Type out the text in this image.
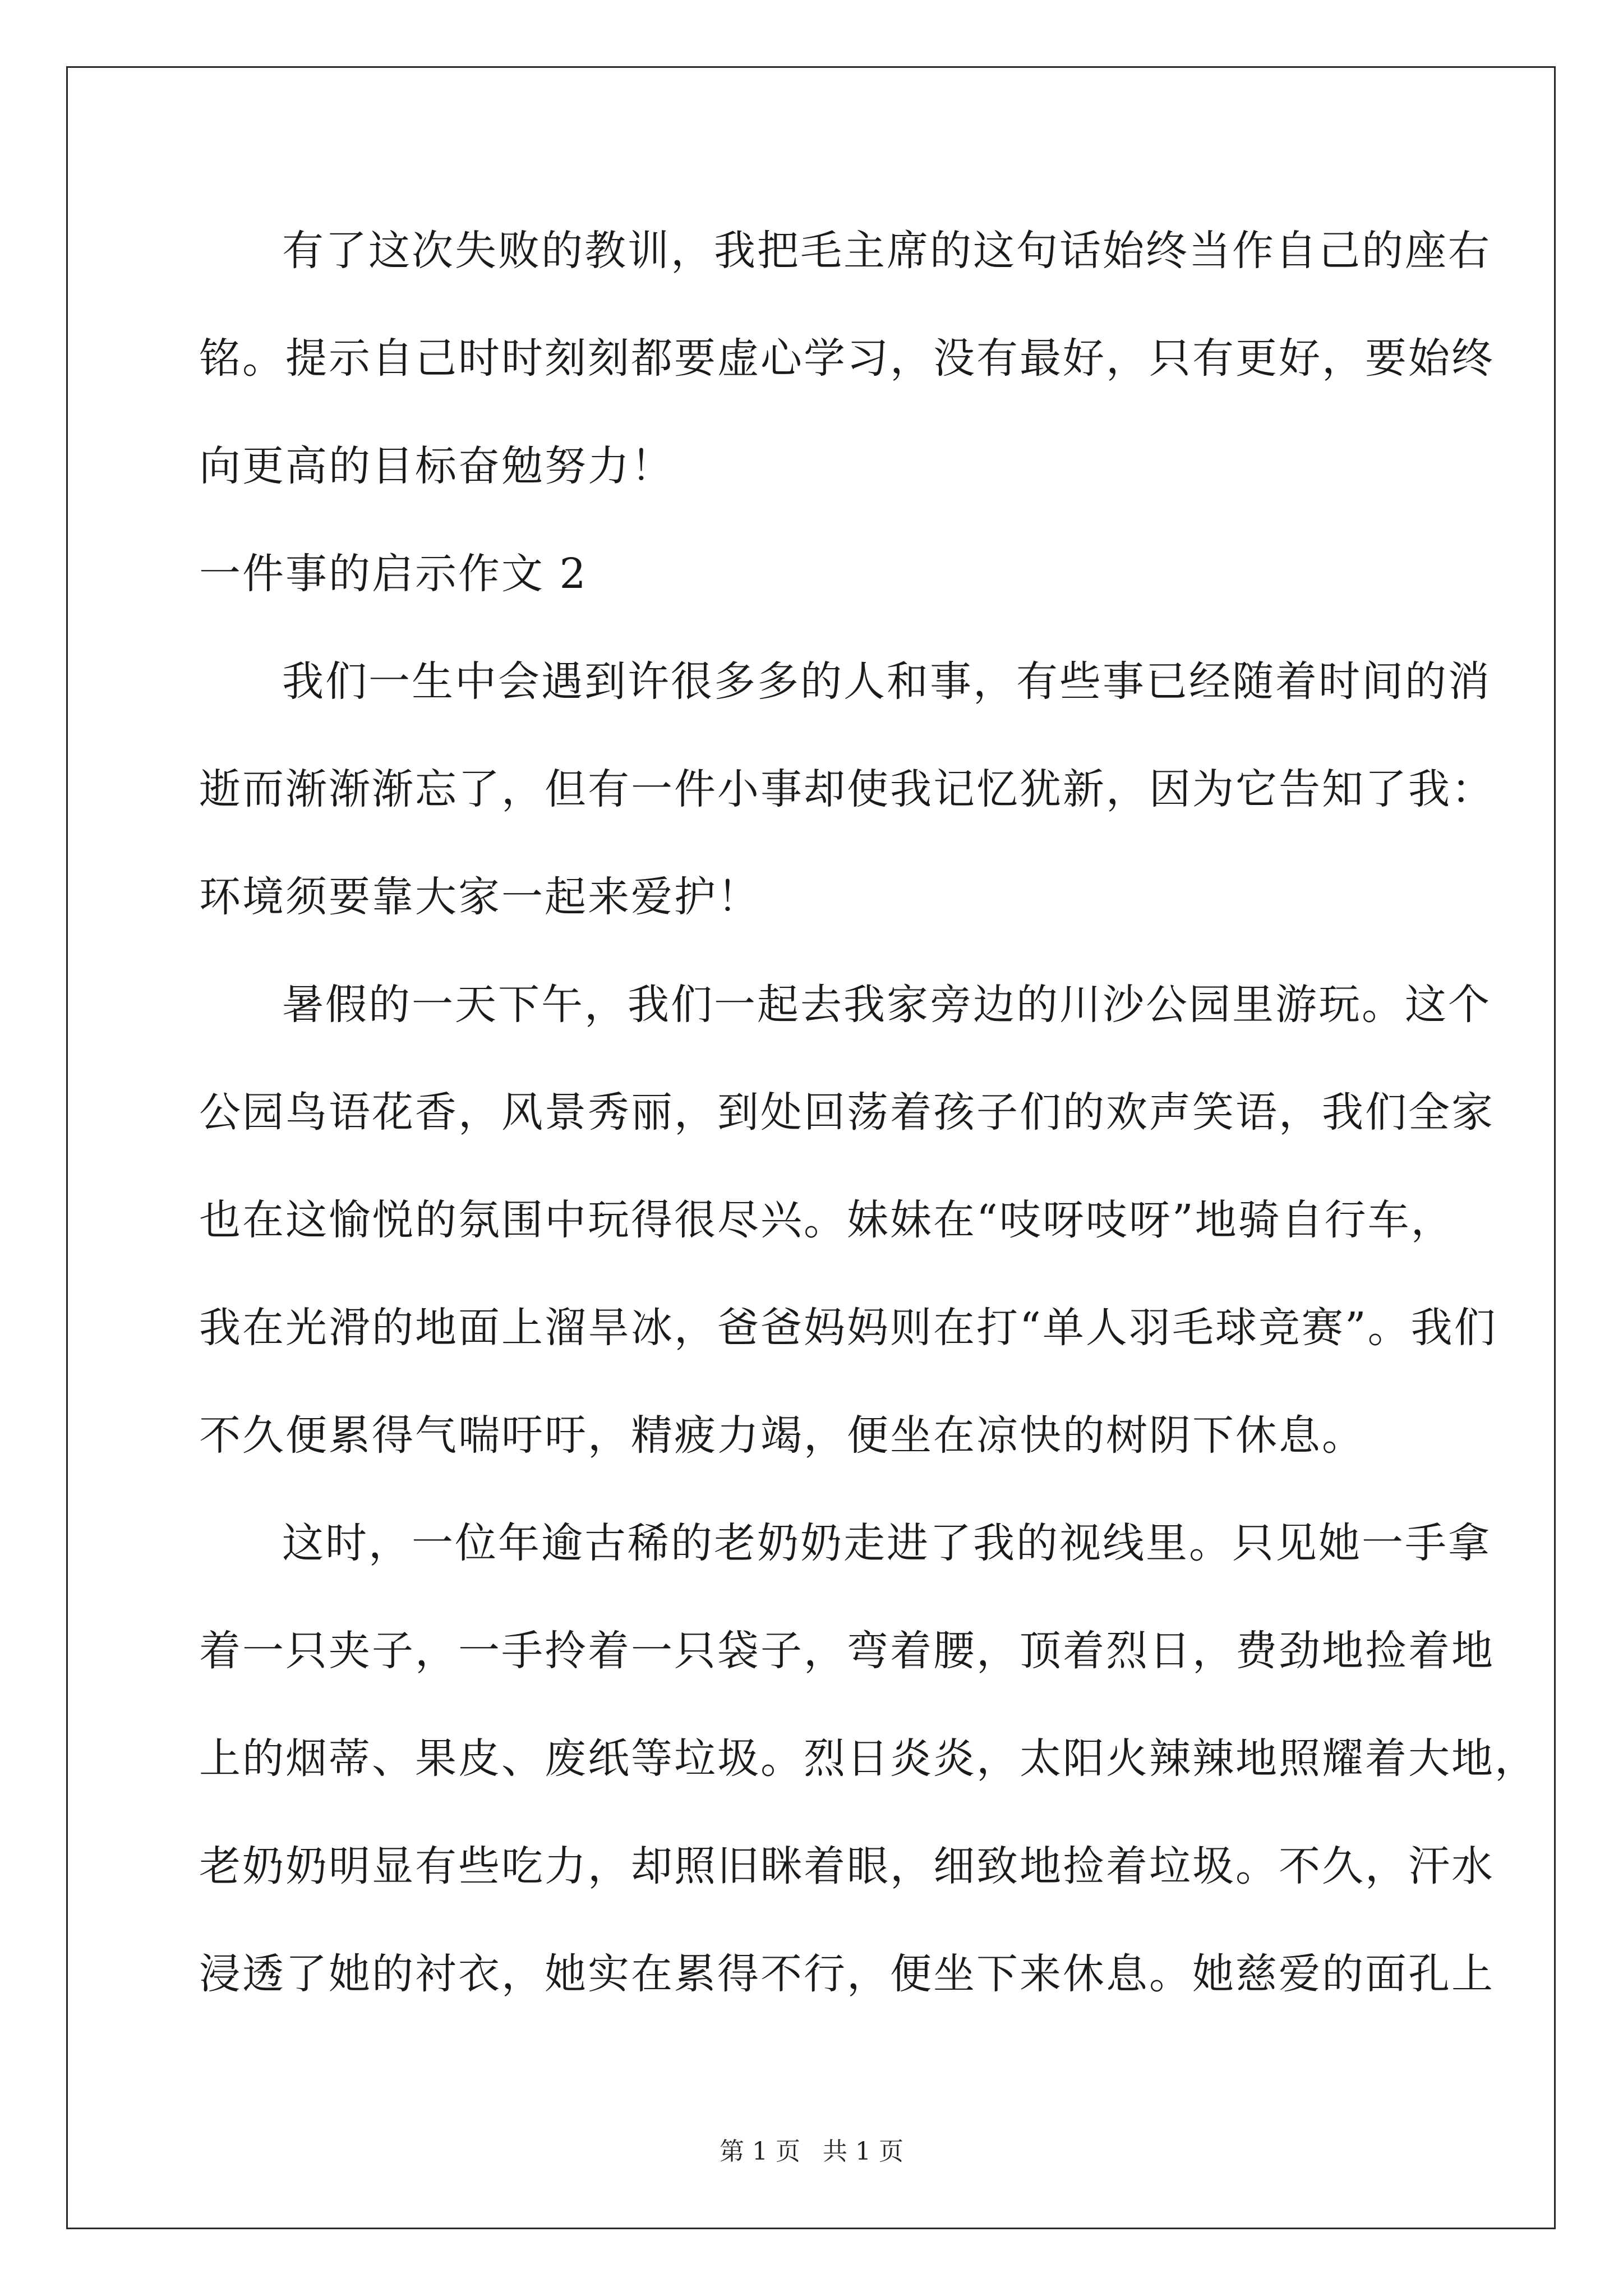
有了这次失败的教训，我把毛主席的这句话始终当作自己的座右
铭。提示自己时时刻刻都要虚心学习，没有最好，只有更好，要始终
向更高的目标奋勉努力！
一件事的启示作文 2
我们一生中会遇到许很多多的人和事，有些事已经随着时间的消
逝而渐渐渐忘了，但有一件小事却使我记忆犹新，因为它告知了我：
环境须要靠大家一起来爱护！
暑假的一天下午，我们一起去我家旁边的川沙公园里游玩。这个
公园鸟语花香，风景秀丽，到处回荡着孩子们的欢声笑语，我们全家
也在这愉悦的氛围中玩得很尽兴。妹妹在“吱呀吱呀”地骑自行车，
我在光滑的地面上溜旱冰，爸爸妈妈则在打“单人羽毛球竞赛”。我们
不久便累得气喘吁吁，精疲力竭，便坐在凉快的树阴下休息。
这时，一位年逾古稀的老奶奶走进了我的视线里。只见她一手拿
着一只夹子，一手拎着一只袋子，弯着腰，顶着烈日，费劲地捡着地
上的烟蒂、果皮、废纸等垃圾。烈日炎炎，太阳火辣辣地照耀着大地，
老奶奶明显有些吃力，却照旧眯着眼，细致地捡着垃圾。不久，汗水
浸透了她的衬衣，她实在累得不行，便坐下来休息。她慈爱的面孔上
第 1 页 共 1 页
